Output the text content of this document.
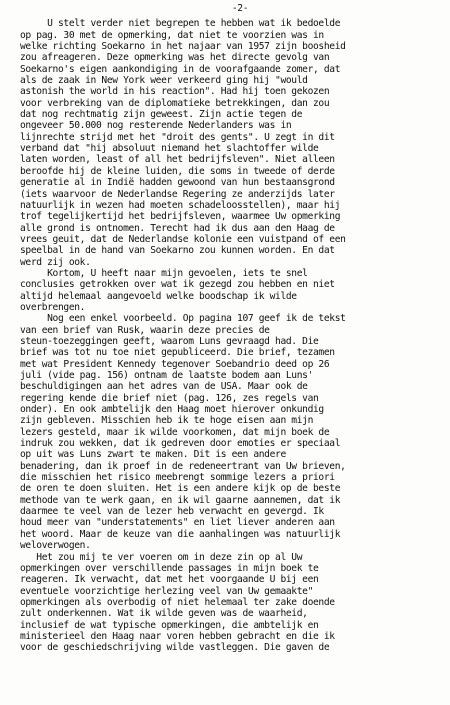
-2-
U stelt verder niet begrepen te hebben wat ik bedoelde
op pag. 30 met de opmerking, dat niet te voorzien was in
welke richting Soekarno in het najaar van 1957 zijn boosheid
zou afreageren. Deze opmerking was het directe gevolg van
Soekarno's eigen aankondiging in de voorafgaande zomer, dat
als de zaak in New York weer verkeerd ging hij "would
astonish the world in his reaction". Had hij toen gekozen
voor verbreking van de diplomatieke betrekkingen, dan zou
dat nog rechtmatig zijn geweest. Zijn actie tegen de
ongeveer 50.000 nog resterende Nederlanders was in
lijnrechte strijd met het "droit des gents". U zegt in dit
verband dat "hij absoluut niemand het slachtoffer wilde
laten worden, least of all het bedrijfsleven". Niet alleen
beroofde hij de kleine luiden, die soms in tweede of derde
generatie al in Indië hadden gewoond van hun bestaansgrond
(iets waarvoor de Nederlandse Regering ze anderzijds later
natuurlijk in wezen had moeten schadeloosstellen), maar hij
trof tegelijkertijd het bedrijfsleven, waarmee Uw opmerking
alle grond is ontnomen. Terecht had ik dus aan den Haag de
vrees geuit, dat de Nederlandse kolonie een vuistpand of een
speelbal in de hand van Soekarno zou kunnen worden. En dat
werd zij ook.
Kortom, U heeft naar mijn gevoelen, iets te snel
conclusies getrokken over wat ik gezegd zou hebben en niet
altijd helemaal aangevoeld welke boodschap ik wilde
overbrengen.
Nog een enkel voorbeeld. Op pagina 107 geef ik de tekst
van een brief van Rusk, waarin deze precies de
steun-toezeggingen geeft, waarom Luns gevraagd had. Die
brief was tot nu toe niet gepubliceerd. Die brief, tezamen
met wat President Kennedy tegenover Soebandrio deed op 26
juli (vide pag. 156) ontnam de laatste bodem aan Luns'
beschuldigingen aan het adres van de USA. Maar ook de
regering kende die brief niet (pag. 126, zes regels van
onder). En ook ambtelijk den Haag moet hierover onkundig
zijn gebleven. Misschien heb ik te hoge eisen aan mijn
lezers gesteld, maar ik wilde voorkomen, dat mijn boek de
indruk zou wekken, dat ik gedreven door emoties er speciaal
op uit was Luns zwart te maken. Dit is een andere
benadering, dan ik proef in de redeneertrant van Uw brieven,
die misschien het risico meebrengt sommige lezers a priori
de oren te doen sluiten. Het is een andere kijk op de beste
methode van te werk gaan, en ik wil gaarne aannemen, dat ik
daarmee te veel van de lezer heb verwacht en gevergd. Ik
houd meer van "understatements" en liet liever anderen aan
het woord. Maar de keuze van die aanhalingen was natuurlijk
weloverwogen.
Het zou mij te ver voeren om in deze zin op al Uw
opmerkingen over verschillende passages in mijn boek te
reageren. Ik verwacht, dat met het voorgaande U bij een
eventuele voorzichtige herlezing veel van Uw gemaakte"
opmerkingen als overbodig of niet helemaal ter zake doende
zult onderkennen. Wat ik wilde geven was de waarheid,
inclusief de wat typische opmerkingen, die ambtelijk en
ministerieel den Haag naar voren hebben gebracht en die ik
voor de geschiedschrijving wilde vastleggen. Die gaven de
